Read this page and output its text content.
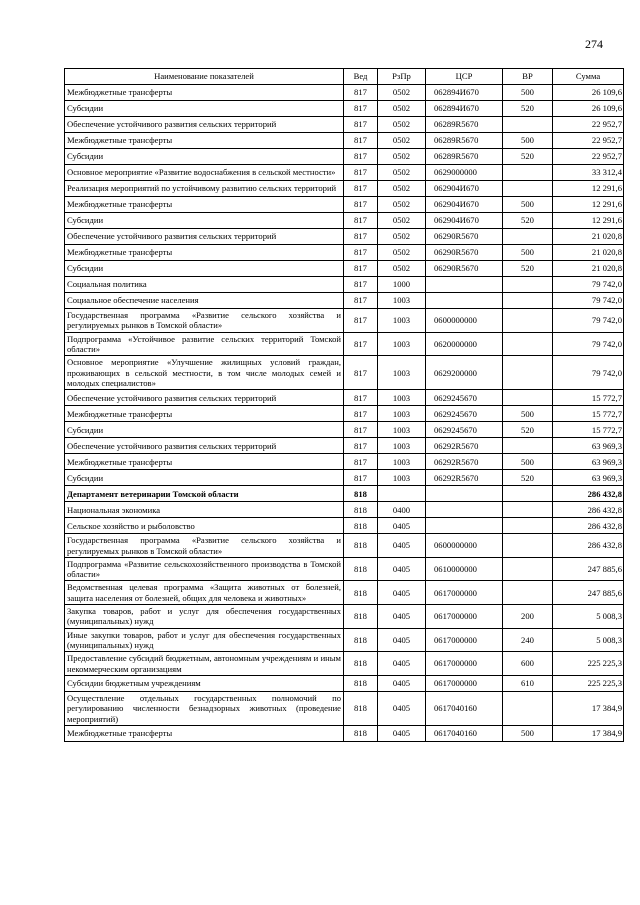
274
Наименование показателей	Вед	РзПр	ЦСР	ВР	Сумма
Межбюджетные трансферты	817	0502	062894И670	500	26 109,6
Субсидии	817	0502	062894И670	520	26 109,6
Обеспечение устойчивого развития сельских территорий	817	0502	06289R5670		22 952,7
Межбюджетные трансферты	817	0502	06289R5670	500	22 952,7
Субсидии	817	0502	06289R5670	520	22 952,7
Основное мероприятие «Развитие водоснабжения в сельской местности»	817	0502	0629000000		33 312,4
Реализация мероприятий по устойчивому развитию сельских территорий	817	0502	062904И670		12 291,6
Межбюджетные трансферты	817	0502	062904И670	500	12 291,6
Субсидии	817	0502	062904И670	520	12 291,6
Обеспечение устойчивого развития сельских территорий	817	0502	06290R5670		21 020,8
Межбюджетные трансферты	817	0502	06290R5670	500	21 020,8
Субсидии	817	0502	06290R5670	520	21 020,8
Социальная политика	817	1000			79 742,0
Социальное обеспечение населения	817	1003			79 742,0
Государственная программа «Развитие сельского хозяйства и регулируемых рынков в Томской области»	817	1003	0600000000		79 742,0
Подпрограмма «Устойчивое развитие сельских территорий Томской области»	817	1003	0620000000		79 742,0
Основное мероприятие «Улучшение жилищных условий граждан, проживающих в сельской местности, в том числе молодых семей и молодых специалистов»	817	1003	0629200000		79 742,0
Обеспечение устойчивого развития сельских территорий	817	1003	0629245670		15 772,7
Межбюджетные трансферты	817	1003	0629245670	500	15 772,7
Субсидии	817	1003	0629245670	520	15 772,7
Обеспечение устойчивого развития сельских территорий	817	1003	06292R5670		63 969,3
Межбюджетные трансферты	817	1003	06292R5670	500	63 969,3
Субсидии	817	1003	06292R5670	520	63 969,3
Департамент ветеринарии Томской области	818				286 432,8
Национальная экономика	818	0400			286 432,8
Сельское хозяйство и рыболовство	818	0405			286 432,8
Государственная программа «Развитие сельского хозяйства и регулируемых рынков в Томской области»	818	0405	0600000000		286 432,8
Подпрограмма «Развитие сельскохозяйственного производства в Томской области»	818	0405	0610000000		247 885,6
Ведомственная целевая программа «Защита животных от болезней, защита населения от болезней, общих для человека и животных»	818	0405	0617000000		247 885,6
Закупка товаров, работ и услуг для обеспечения государственных (муниципальных) нужд	818	0405	0617000000	200	5 008,3
Иные закупки товаров, работ и услуг для обеспечения государственных (муниципальных) нужд	818	0405	0617000000	240	5 008,3
Предоставление субсидий бюджетным, автономным учреждениям и иным некоммерческим организациям	818	0405	0617000000	600	225 225,3
Субсидии бюджетным учреждениям	818	0405	0617000000	610	225 225,3
Осуществление отдельных государственных полномочий по регулированию численности безнадзорных животных (проведение мероприятий)	818	0405	0617040160		17 384,9
Межбюджетные трансферты	818	0405	0617040160	500	17 384,9
